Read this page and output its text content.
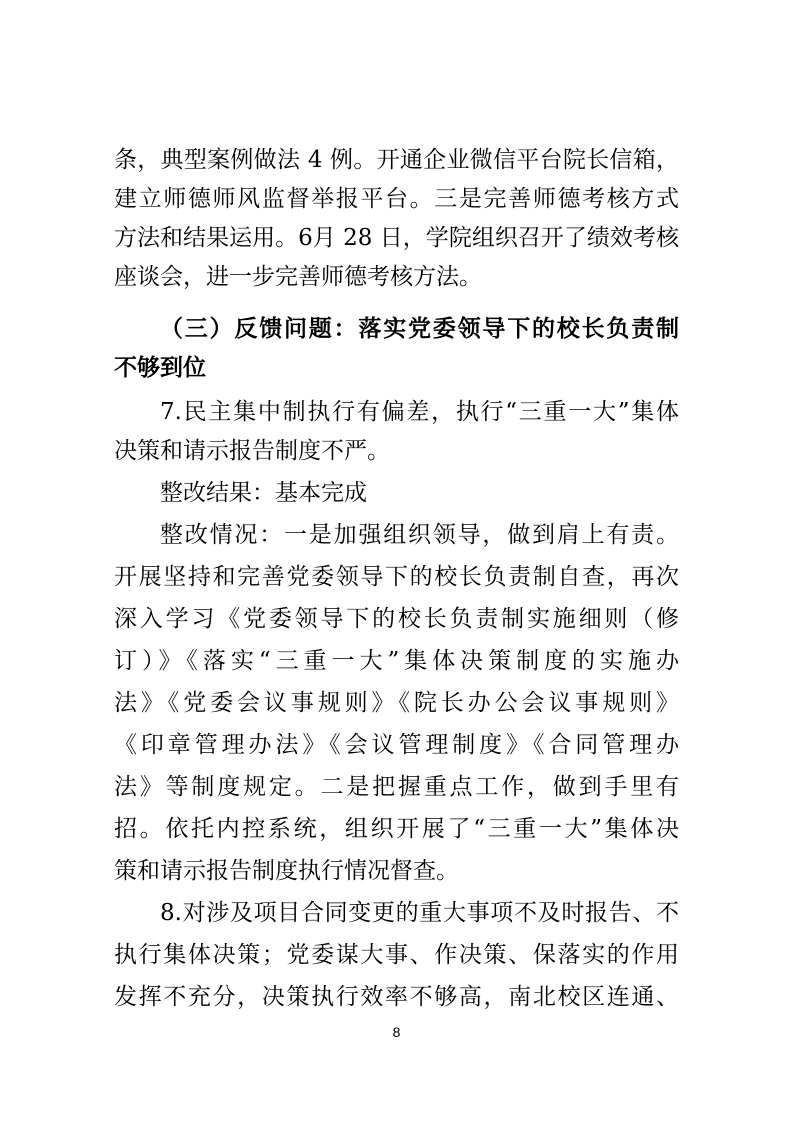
条，典型案例做法 4 例。开通企业微信平台院长信箱，
建立师德师风监督举报平台。三是完善师德考核方式
方法和结果运用。6月 28 日，学院组织召开了绩效考核
座谈会，进一步完善师德考核方法。
（三）反馈问题：落实党委领导下的校长负责制
不够到位
7.民主集中制执行有偏差，执行“三重一大”集体
决策和请示报告制度不严。
整改结果：基本完成
整改情况：一是加强组织领导，做到肩上有责。
开展坚持和完善党委领导下的校长负责制自查，再次
深入学习《党委领导下的校长负责制实施细则（修
订）》《落实“三重一大”集体决策制度的实施办
法》《党委会议事规则》《院长办公会议事规则》
《印章管理办法》《会议管理制度》《合同管理办
法》等制度规定。二是把握重点工作，做到手里有
招。依托内控系统，组织开展了“三重一大”集体决
策和请示报告制度执行情况督查。
8.对涉及项目合同变更的重大事项不及时报告、不
执行集体决策；党委谋大事、作决策、保落实的作用
发挥不充分，决策执行效率不够高，南北校区连通、
8
